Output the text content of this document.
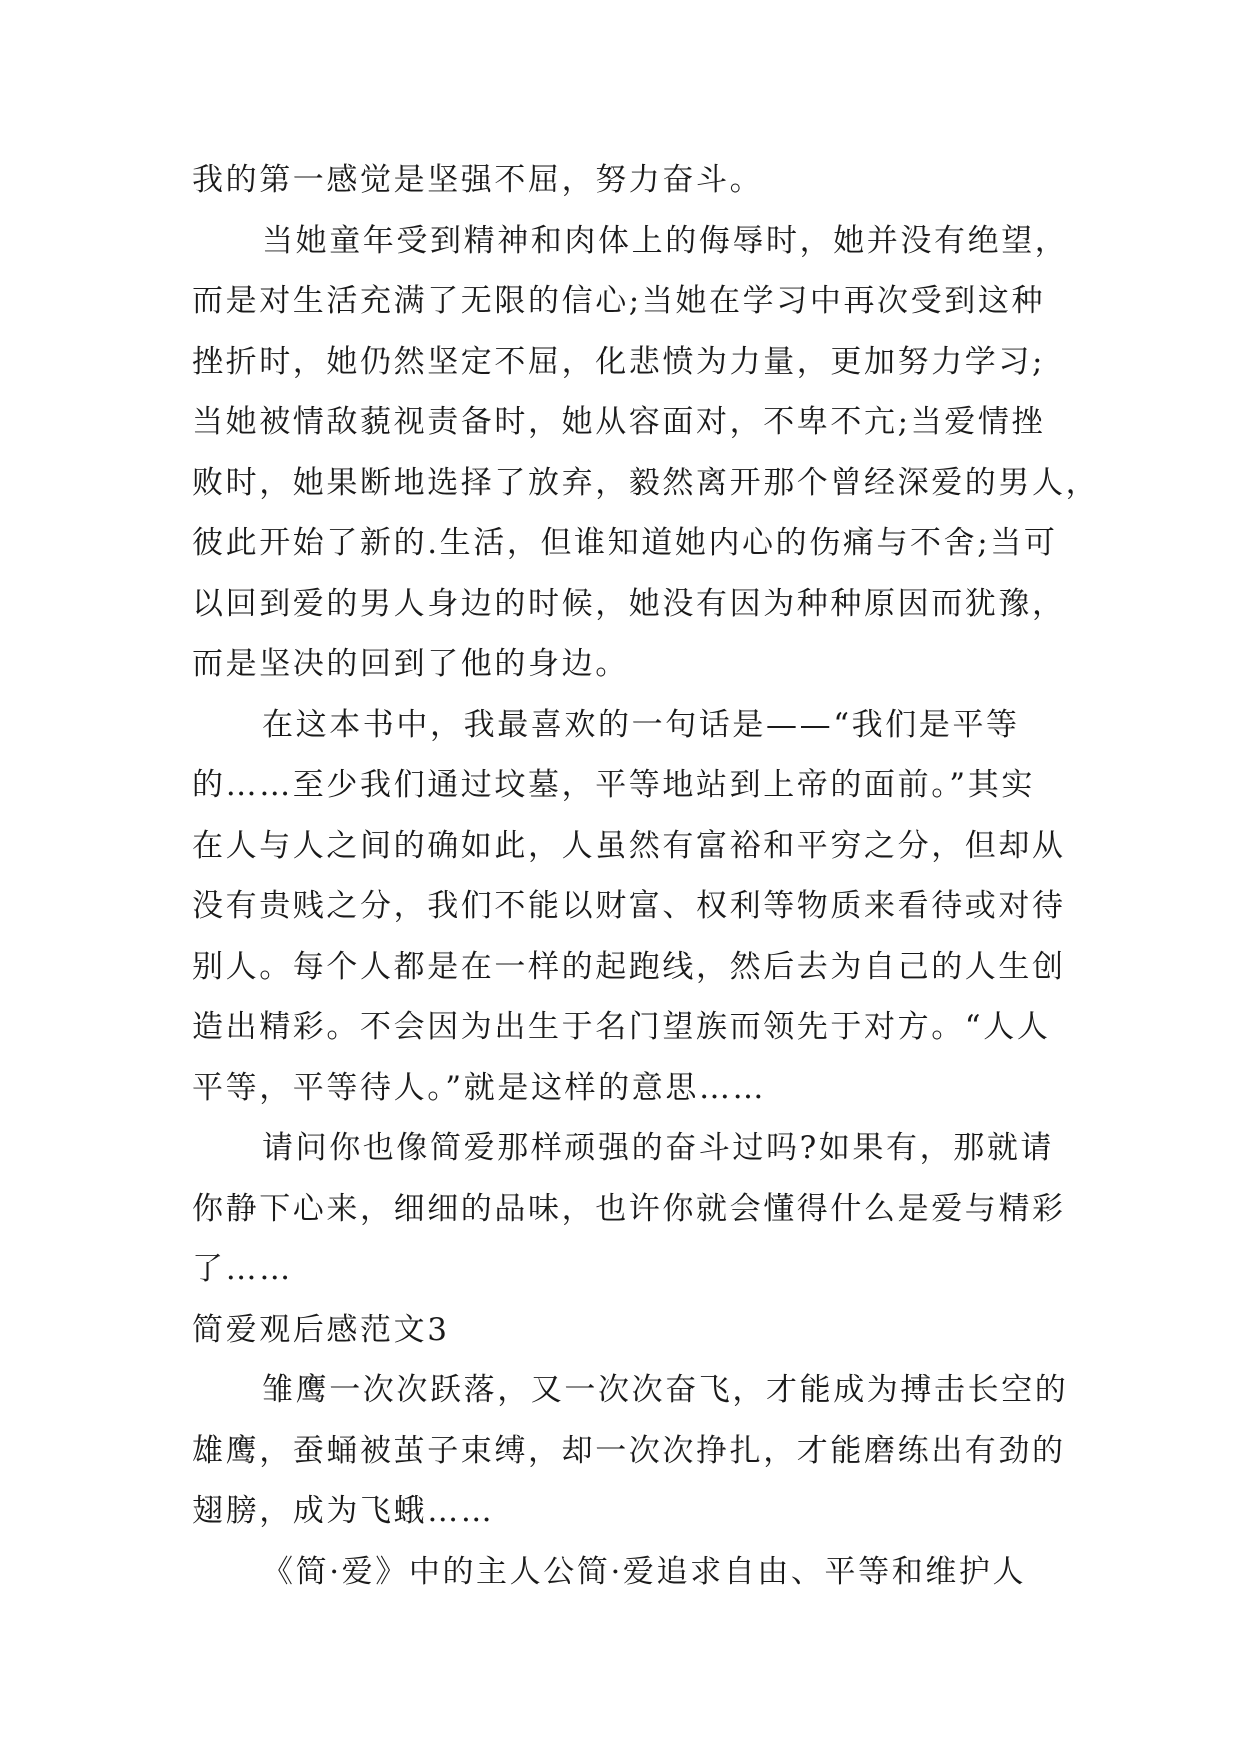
我的第一感觉是坚强不屈，努力奋斗。
当她童年受到精神和肉体上的侮辱时，她并没有绝望，
而是对生活充满了无限的信心;当她在学习中再次受到这种
挫折时，她仍然坚定不屈，化悲愤为力量，更加努力学习;
当她被情敌藐视责备时，她从容面对，不卑不亢;当爱情挫
败时，她果断地选择了放弃，毅然离开那个曾经深爱的男人，
彼此开始了新的.生活，但谁知道她内心的伤痛与不舍;当可
以回到爱的男人身边的时候，她没有因为种种原因而犹豫，
而是坚决的回到了他的身边。
在这本书中，我最喜欢的一句话是——“我们是平等
的……至少我们通过坟墓，平等地站到上帝的面前。”其实
在人与人之间的确如此，人虽然有富裕和平穷之分，但却从
没有贵贱之分，我们不能以财富、权利等物质来看待或对待
别人。每个人都是在一样的起跑线，然后去为自己的人生创
造出精彩。不会因为出生于名门望族而领先于对方。“人人
平等，平等待人。”就是这样的意思……
请问你也像简爱那样顽强的奋斗过吗?如果有，那就请
你静下心来，细细的品味，也许你就会懂得什么是爱与精彩
了……
简爱观后感范文3
雏鹰一次次跃落，又一次次奋飞，才能成为搏击长空的
雄鹰，蚕蛹被茧子束缚，却一次次挣扎，才能磨练出有劲的
翅膀，成为飞蛾……
《简·爱》中的主人公简·爱追求自由、平等和维护人
